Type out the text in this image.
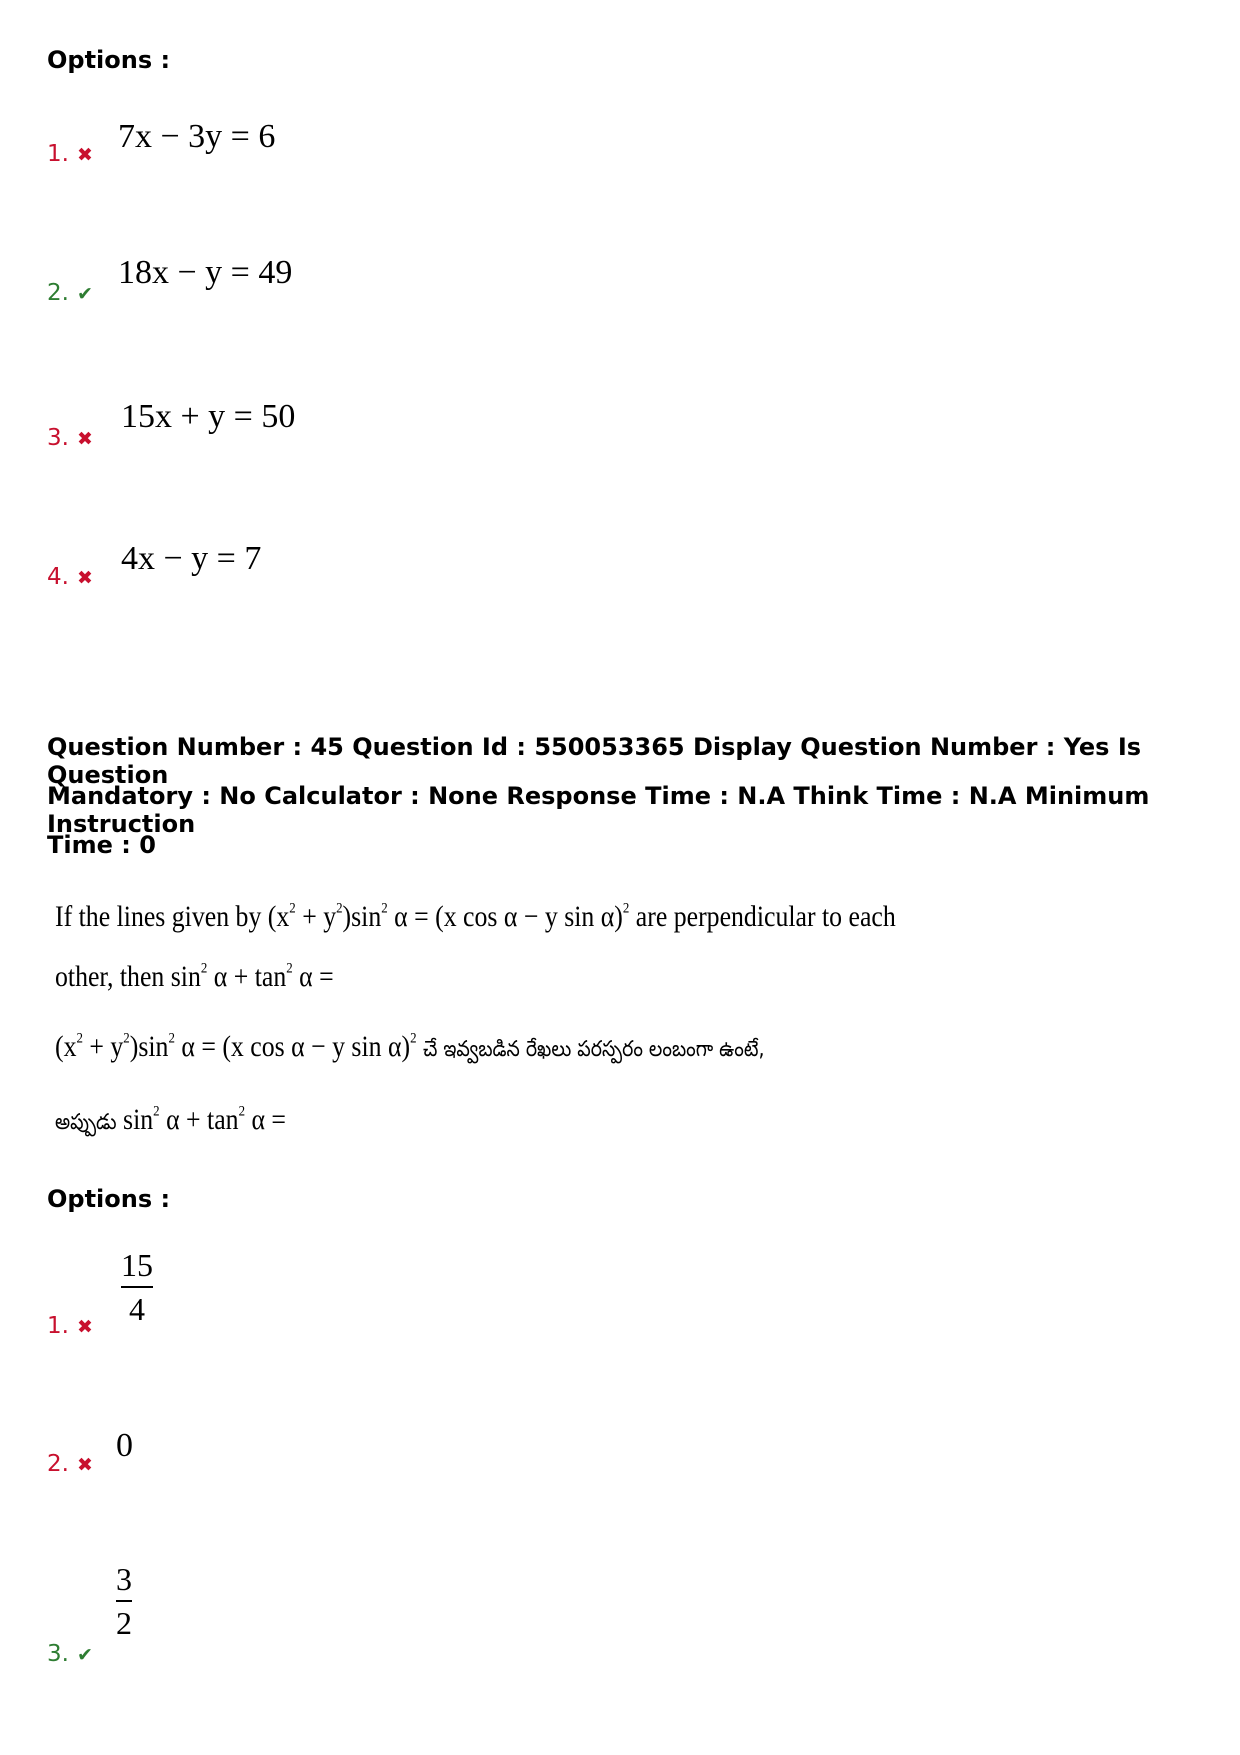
Options :
1. ✖ 7x − 3y = 6
2. ✔
18x − y = 49
3. ✖
15x + y = 50
4. ✖
4x − y = 7
Question Number : 45 Question Id : 550053365 Display Question Number : Yes Is Question
Mandatory : No Calculator : None Response Time : N.A Think Time : N.A Minimum Instruction
Time : 0
If the lines given by $(x^2 + y^2)\sin^2$ α = (x cos α − y sin α)$^2$ are perpendicular to each
other, then $\sin^2 \alpha + \tan^2 \alpha$ =
$(x^2 + y^2)\sin^2$ α = (x cos α − y sin α)$^2$ చే ఇవ్వబడిన రేఖలు పరస్పరం లంబంగా ఉంటే,
అప్పుడు $\sin^2 \alpha + \tan^2 \alpha$ =
Options :
1. ✖
15
4
2. ✖
0
3. ✔
3
2
